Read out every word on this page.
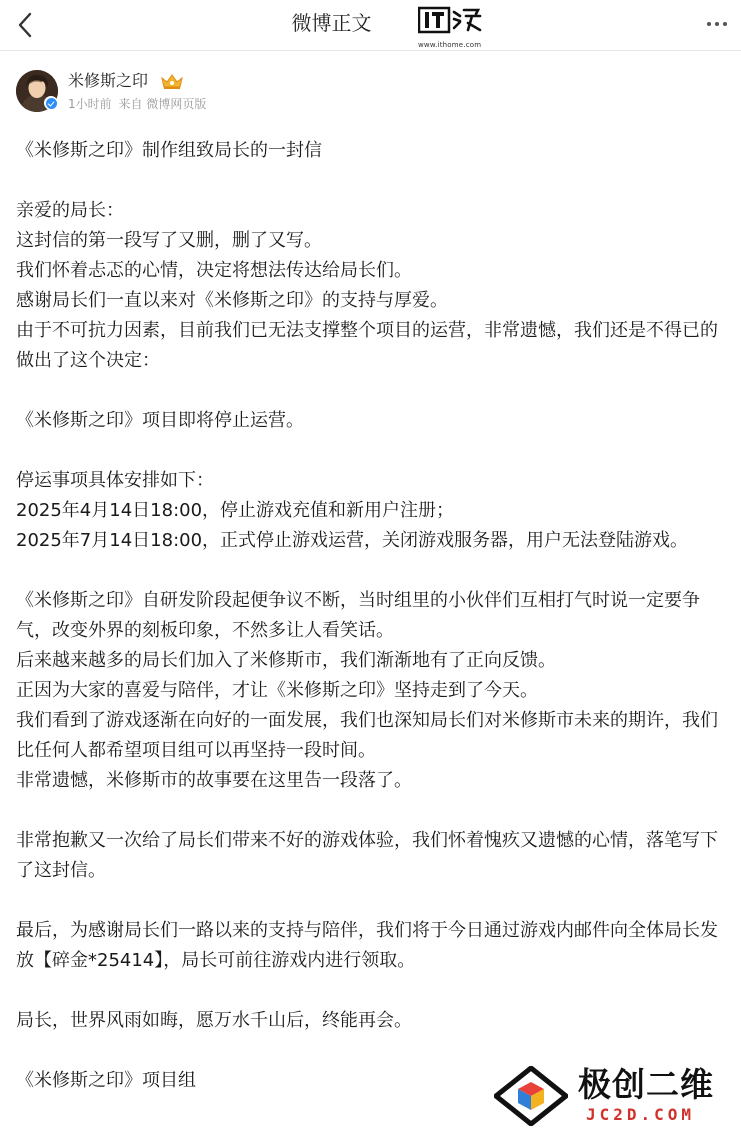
微博正文
www.ithome.com
米修斯之印
1小时前 来自 微博网页版

《米修斯之印》制作组致局长的一封信

亲爱的局长：

这封信的第一段写了又删，删了又写。

我们怀着忐忑的心情，决定将想法传达给局长们。

感谢局长们一直以来对《米修斯之印》的支持与厚爱。

由于不可抗力因素，目前我们已无法支撑整个项目的运营，非常遗憾，我们还是不得已的做出了这个决定：

《米修斯之印》项目即将停止运营。

停运事项具体安排如下：

2025年4月14日18:00，停止游戏充值和新用户注册；

2025年7月14日18:00，正式停止游戏运营，关闭游戏服务器，用户无法登陆游戏。

《米修斯之印》自研发阶段起便争议不断，当时组里的小伙伴们互相打气时说一定要争气，改变外界的刻板印象，不然多让人看笑话。

后来越来越多的局长们加入了米修斯市，我们渐渐地有了正向反馈。

正因为大家的喜爱与陪伴，才让《米修斯之印》坚持走到了今天。

我们看到了游戏逐渐在向好的一面发展，我们也深知局长们对米修斯市未来的期许，我们比任何人都希望项目组可以再坚持一段时间。

非常遗憾，米修斯市的故事要在这里告一段落了。

非常抱歉又一次给了局长们带来不好的游戏体验，我们怀着愧疚又遗憾的心情，落笔写下了这封信。

最后，为感谢局长们一路以来的支持与陪伴，我们将于今日通过游戏内邮件向全体局长发放【碎金*25414】，局长可前往游戏内进行领取。

局长，世界风雨如晦，愿万水千山后，终能再会。

《米修斯之印》项目组	极创二维
JC2D.COM
